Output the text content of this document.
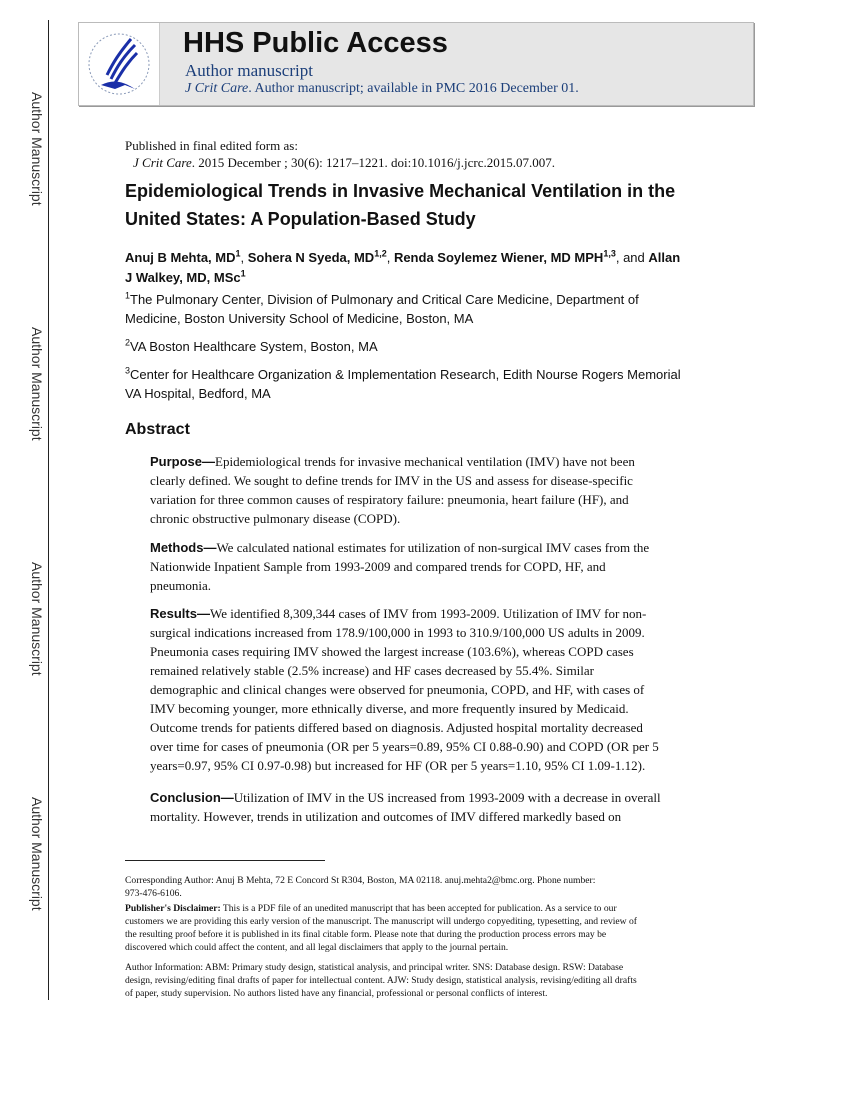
Author Manuscript
Author Manuscript
Author Manuscript
Author Manuscript
HHS Public Access
Author manuscript
J Crit Care. Author manuscript; available in PMC 2016 December 01.
Published in final edited form as:
J Crit Care. 2015 December ; 30(6): 1217–1221. doi:10.1016/j.jcrc.2015.07.007.
Epidemiological Trends in Invasive Mechanical Ventilation in the
United States: A Population-Based Study
Anuj B Mehta, $MD^1$, Sohera N Syeda, MD$^{1,2}$, Renda Soylemez Wiener, MD MPH$^{1,3}$, and Allan
J Walkey, MD, MSc$^1$
$^1$The Pulmonary Center, Division of Pulmonary and Critical Care Medicine, Department of
Medicine, Boston University School of Medicine, Boston, MA
$^2$VA Boston Healthcare System, Boston, MA
$^3$Center for Healthcare Organization & Implementation Research, Edith Nourse Rogers Memorial
VA Hospital, Bedford, MA
Abstract
Purpose—Epidemiological trends for invasive mechanical ventilation (IMV) have not been
clearly defined. We sought to define trends for IMV in the US and assess for disease-specific
variation for three common causes of respiratory failure: pneumonia, heart failure (HF), and
chronic obstructive pulmonary disease (COPD).
Methods—We calculated national estimates for utilization of non-surgical IMV cases from the
Nationwide Inpatient Sample from 1993-2009 and compared trends for COPD, HF, and
pneumonia.
Results—We identified 8,309,344 cases of IMV from 1993-2009. Utilization of IMV for non-
surgical indications increased from 178.9/100,000 in 1993 to 310.9/100,000 US adults in 2009.
Pneumonia cases requiring IMV showed the largest increase (103.6%), whereas COPD cases
remained relatively stable (2.5% increase) and HF cases decreased by 55.4%. Similar
demographic and clinical changes were observed for pneumonia, COPD, and HF, with cases of
IMV becoming younger, more ethnically diverse, and more frequently insured by Medicaid.
Outcome trends for patients differed based on diagnosis. Adjusted hospital mortality decreased
over time for cases of pneumonia (OR per 5 years=0.89, 95% CI 0.88-0.90) and COPD (OR per 5
years=0.97, 95% CI 0.97-0.98) but increased for HF (OR per 5 years=1.10, 95% CI 1.09-1.12).
Conclusion—Utilization of IMV in the US increased from 1993-2009 with a decrease in overall
mortality. However, trends in utilization and outcomes of IMV differed markedly based on
Corresponding Author: Anuj B Mehta, 72 E Concord St R304, Boston, MA 02118. anuj.mehta2@bmc.org. Phone number:
973-476-6106.
Publisher's Disclaimer: This is a PDF file of an unedited manuscript that has been accepted for publication. As a service to our
customers we are providing this early version of the manuscript. The manuscript will undergo copyediting, typesetting, and review of
the resulting proof before it is published in its final citable form. Please note that during the production process errors may be
discovered which could affect the content, and all legal disclaimers that apply to the journal pertain.
Author Information: ABM: Primary study design, statistical analysis, and principal writer. SNS: Database design. RSW: Database
design, revising/editing final drafts of paper for intellectual content. AJW: Study design, statistical analysis, revising/editing all drafts
of paper, study supervision. No authors listed have any financial, professional or personal conflicts of interest.
